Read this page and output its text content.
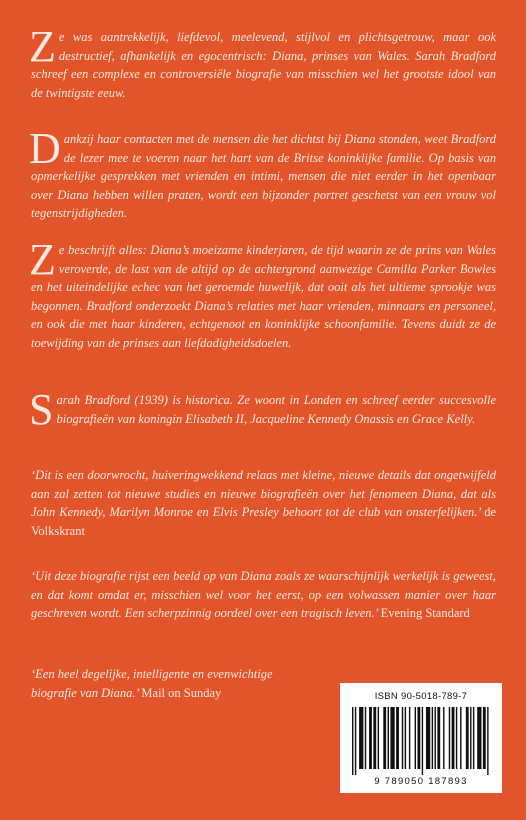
Ze was aantrekkelijk, liefdevol, meelevend, stijlvol en plichtsgetrouw, maar ook destructief, afhankelijk en egocentrisch: Diana, prinses van Wales. Sarah Bradford schreef een complexe en controversiële biografie van misschien wel het grootste idool van de twintigste eeuw.
Dankzij haar contacten met de mensen die het dichtst bij Diana stonden, weet Bradford de lezer mee te voeren naar het hart van de Britse koninklijke familie. Op basis van opmerkelijke gesprekken met vrienden en intimi, mensen die niet eerder in het openbaar over Diana hebben willen praten, wordt een bijzonder portret geschetst van een vrouw vol tegenstrijdigheden.
Ze beschrijft alles: Diana’s moeizame kinderjaren, de tijd waarin ze de prins van Wales veroverde, de last van de altijd op de achtergrond aanwezige Camilla Parker Bowles en het uiteindelijke echec van het geroemde huwelijk, dat ooit als het ultieme sprookje was begonnen. Bradford onderzoekt Diana’s relaties met haar vrienden, minnaars en personeel, en ook die met haar kinderen, echtgenoot en koninklijke schoonfamilie. Tevens duidt ze de toewijding van de prinses aan liefdadigheidsdoelen.
Sarah Bradford (1939) is historica. Ze woont in Londen en schreef eerder succesvolle biografieën van koningin Elisabeth II, Jacqueline Kennedy Onassis en Grace Kelly.
‘Dit is een doorwrocht, huiveringwekkend relaas met kleine, nieuwe details dat ongetwijfeld aan zal zetten tot nieuwe studies en nieuwe biografieën over het fenomeen Diana, dat als John Kennedy, Marilyn Monroe en Elvis Presley behoort tot de club van onsterfelijken.’ de Volkskrant
‘Uit deze biografie rijst een beeld op van Diana zoals ze waarschijnlijk werkelijk is geweest, en dat komt omdat er, misschien wel voor het eerst, op een volwassen manier over haar geschreven wordt. Een scherpzinnig oordeel over een tragisch leven.’ Evening Standard
‘Een heel degelijke, intelligente en evenwichtige biografie van Diana.’ Mail on Sunday	ISBN 90-5018-789-7
9 789050 187893
